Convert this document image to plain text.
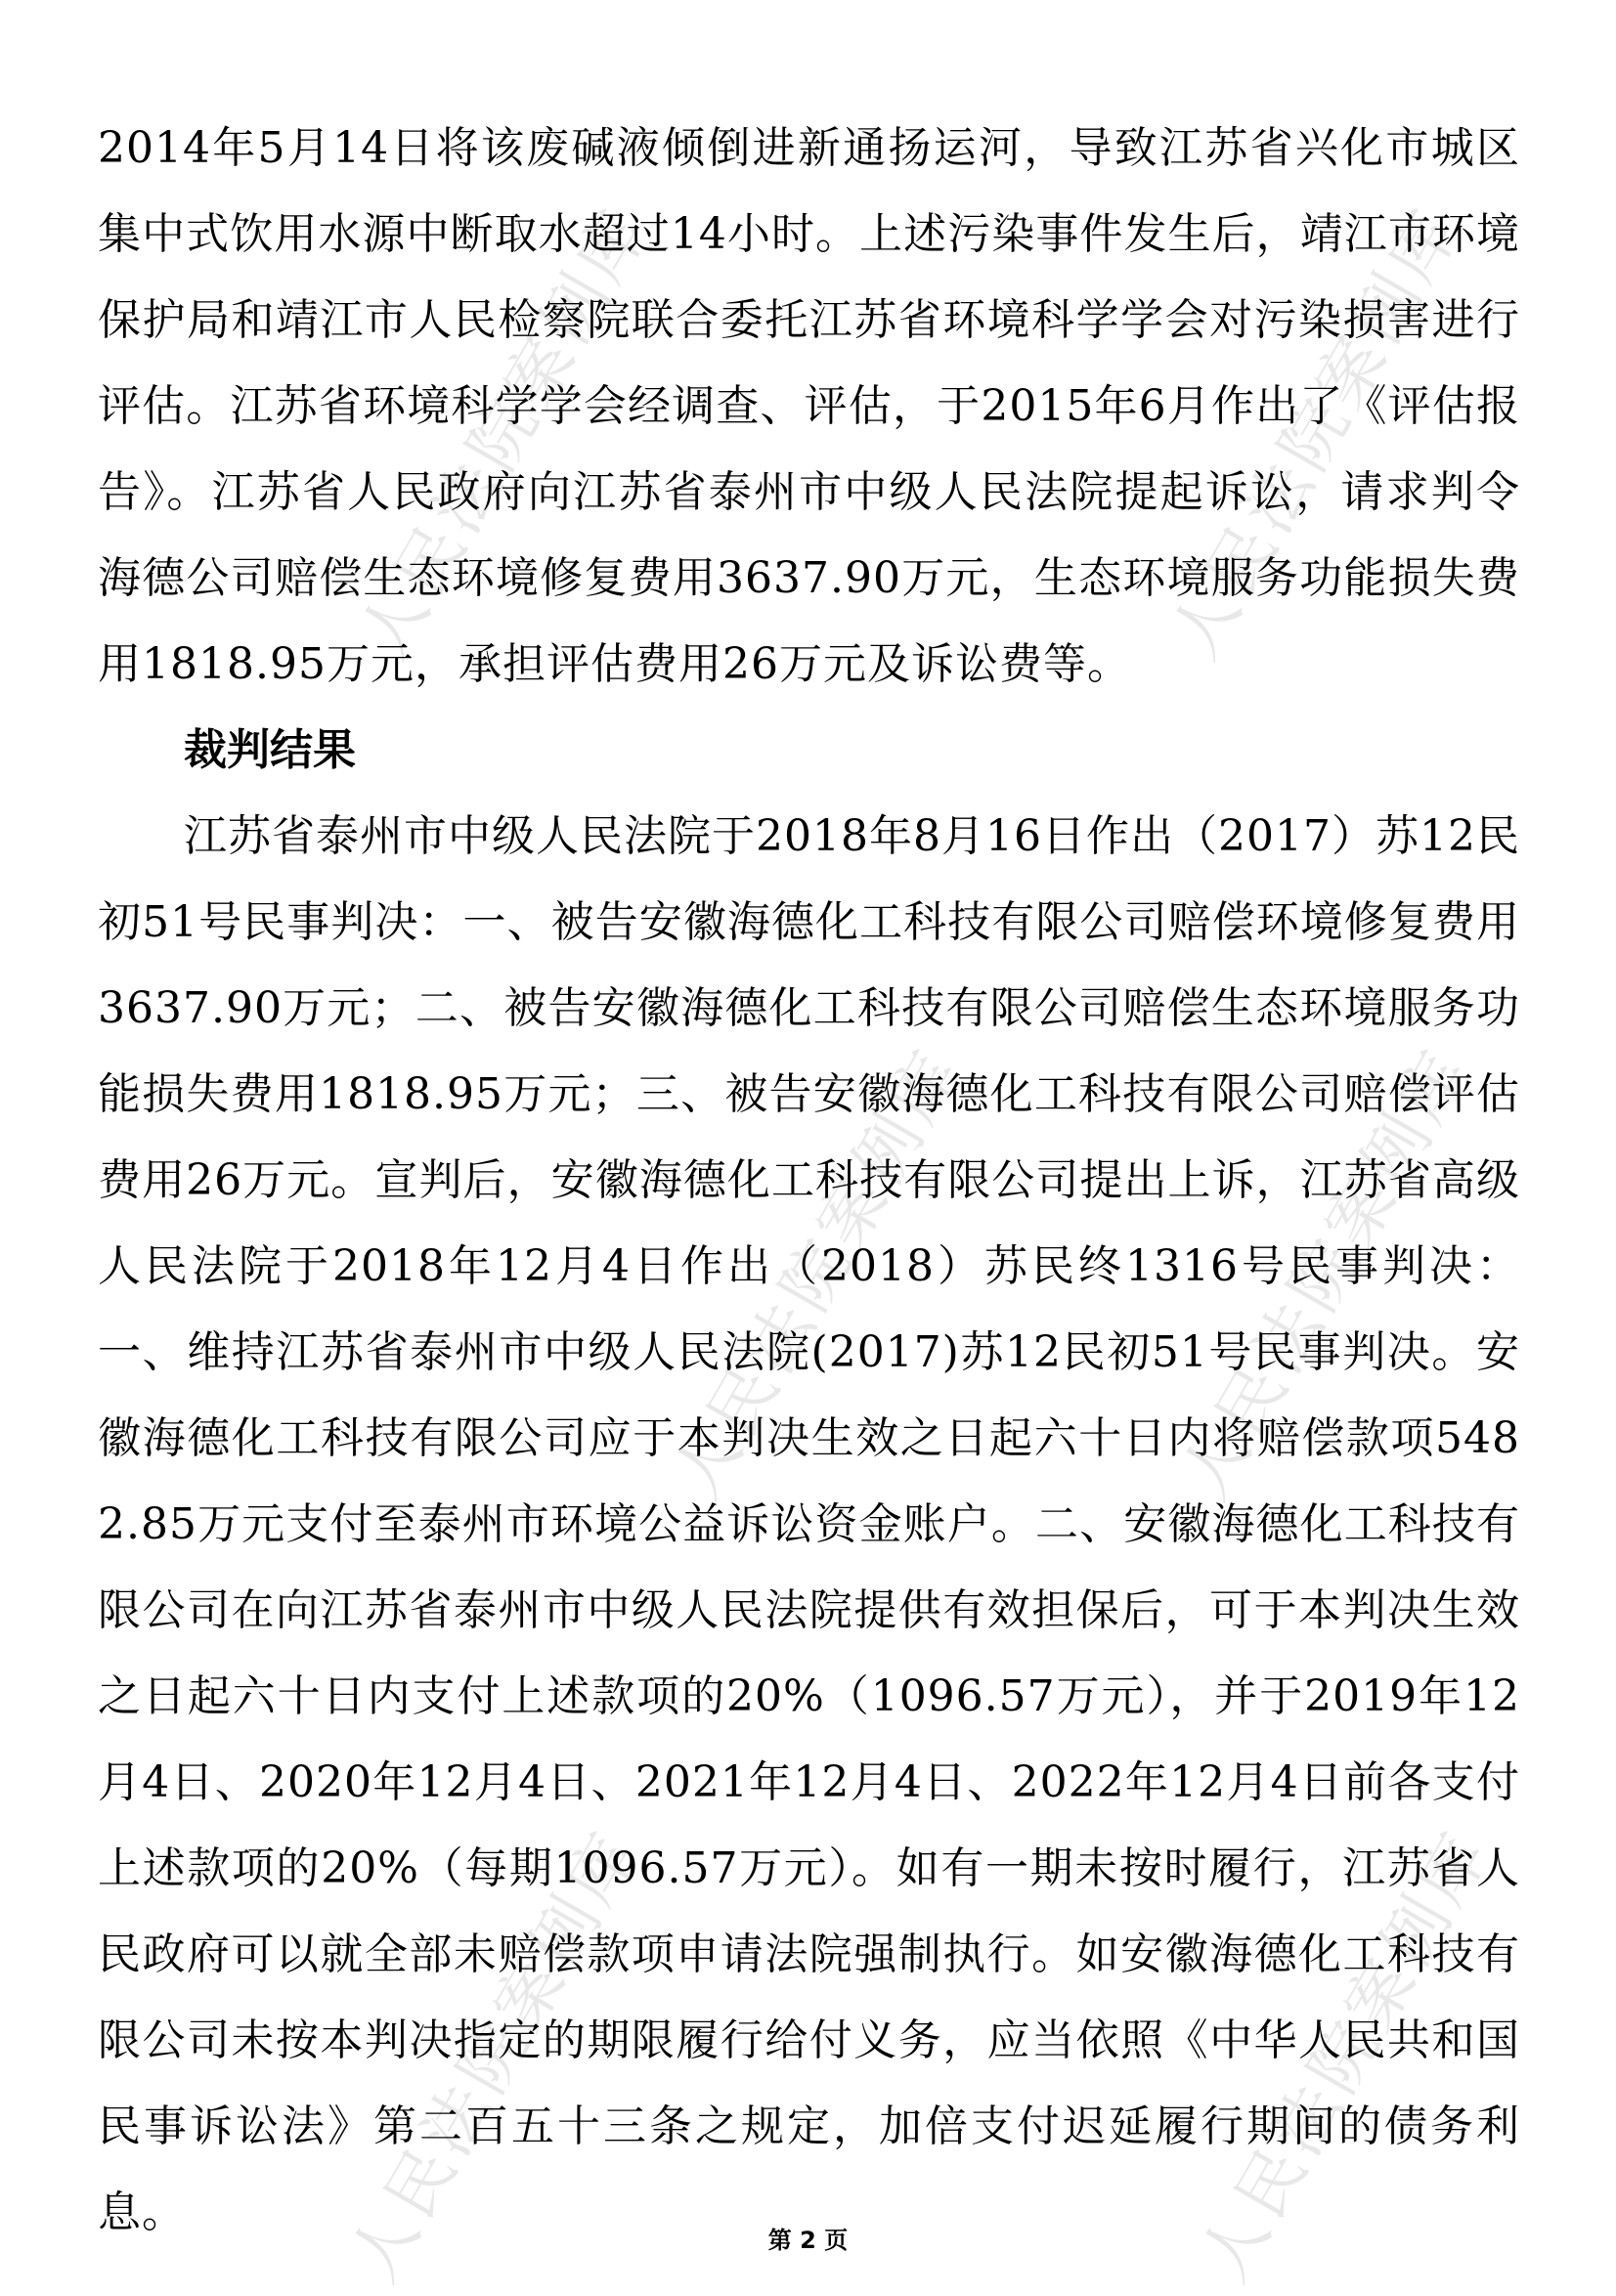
人民法院案例库
人民法院案例库
人民法院案例库	人民法院案例库
人民法院案例库
人民法院案例库

2014年5月14日将该废碱液倾倒进新通扬运河，导致江苏省兴化市城区集中式饮用水源中断取水超过14小时。上述污染事件发生后，靖江市环境保护局和靖江市人民检察院联合委托江苏省环境科学学会对污染损害进行评估。江苏省环境科学学会经调查、评估，于2015年6月作出了《评估报告》。江苏省人民政府向江苏省泰州市中级人民法院提起诉讼，请求判令海德公司赔偿生态环境修复费用3637.90万元，生态环境服务功能损失费用1818.95万元，承担评估费用26万元及诉讼费等。

裁判结果

江苏省泰州市中级人民法院于2018年8月16日作出（2017）苏12民初51号民事判决：一、被告安徽海德化工科技有限公司赔偿环境修复费用3637.90万元；二、被告安徽海德化工科技有限公司赔偿生态环境服务功能损失费用1818.95万元；三、被告安徽海德化工科技有限公司赔偿评估费用26万元。宣判后，安徽海德化工科技有限公司提出上诉，江苏省高级人民法院于2018年12月4日作出（2018）苏民终1316号民事判决：一、维持江苏省泰州市中级人民法院(2017)苏12民初51号民事判决。安徽海德化工科技有限公司应于本判决生效之日起六十日内将赔偿款项5482.85万元支付至泰州市环境公益诉讼资金账户。二、安徽海德化工科技有限公司在向江苏省泰州市中级人民法院提供有效担保后，可于本判决生效之日起六十日内支付上述款项的20%（1096.57万元），并于2019年12月4日、2020年12月4日、2021年12月4日、2022年12月4日前各支付上述款项的20%（每期1096.57万元）。如有一期未按时履行，江苏省人民政府可以就全部未赔偿款项申请法院强制执行。如安徽海德化工科技有限公司未按本判决指定的期限履行给付义务，应当依照《中华人民共和国民事诉讼法》第二百五十三条之规定，加倍支付迟延履行期间的债务利息。

第 2 页
